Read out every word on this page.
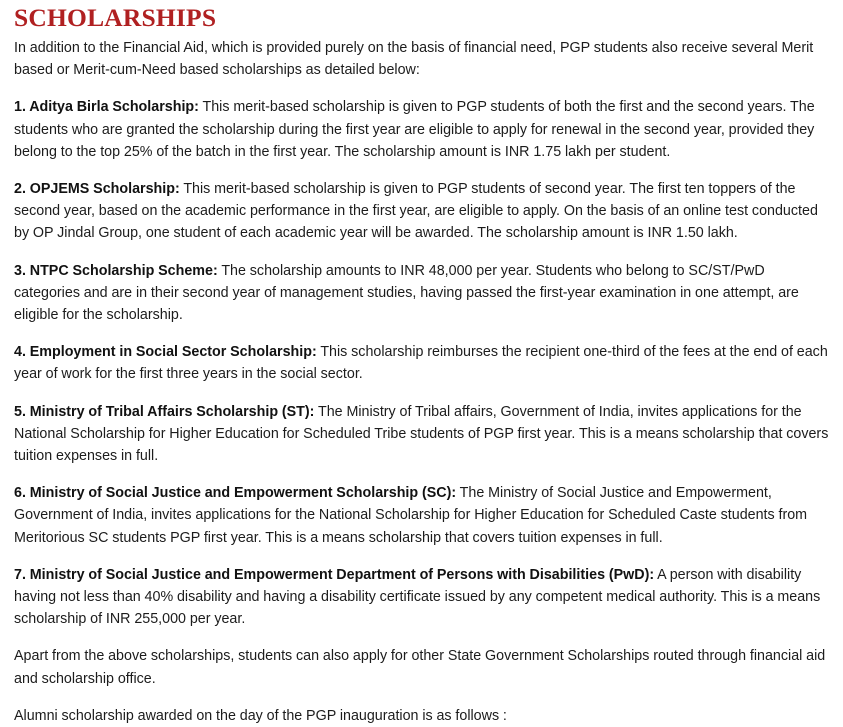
SCHOLARSHIPS

In addition to the Financial Aid, which is provided purely on the basis of financial need, PGP students also receive several Merit based or Merit-cum-Need based scholarships as detailed below:

1. Aditya Birla Scholarship: This merit-based scholarship is given to PGP students of both the first and the second years. The students who are granted the scholarship during the first year are eligible to apply for renewal in the second year, provided they belong to the top 25% of the batch in the first year. The scholarship amount is INR 1.75 lakh per student.

2. OPJEMS Scholarship: This merit-based scholarship is given to PGP students of second year. The first ten toppers of the second year, based on the academic performance in the first year, are eligible to apply. On the basis of an online test conducted by OP Jindal Group, one student of each academic year will be awarded. The scholarship amount is INR 1.50 lakh.

3. NTPC Scholarship Scheme: The scholarship amounts to INR 48,000 per year. Students who belong to SC/ST/PwD categories and are in their second year of management studies, having passed the first-year examination in one attempt, are eligible for the scholarship.

4. Employment in Social Sector Scholarship: This scholarship reimburses the recipient one-third of the fees at the end of each year of work for the first three years in the social sector.

5. Ministry of Tribal Affairs Scholarship (ST): The Ministry of Tribal affairs, Government of India, invites applications for the National Scholarship for Higher Education for Scheduled Tribe students of PGP first year. This is a means scholarship that covers tuition expenses in full.

6. Ministry of Social Justice and Empowerment Scholarship (SC): The Ministry of Social Justice and Empowerment, Government of India, invites applications for the National Scholarship for Higher Education for Scheduled Caste students from Meritorious SC students PGP first year. This is a means scholarship that covers tuition expenses in full.

7. Ministry of Social Justice and Empowerment Department of Persons with Disabilities (PwD): A person with disability having not less than 40% disability and having a disability certificate issued by any competent medical authority. This is a means scholarship of INR 255,000 per year.

Apart from the above scholarships, students can also apply for other State Government Scholarships routed through financial aid and scholarship office.

Alumni scholarship awarded on the day of the PGP inauguration is as follows :
